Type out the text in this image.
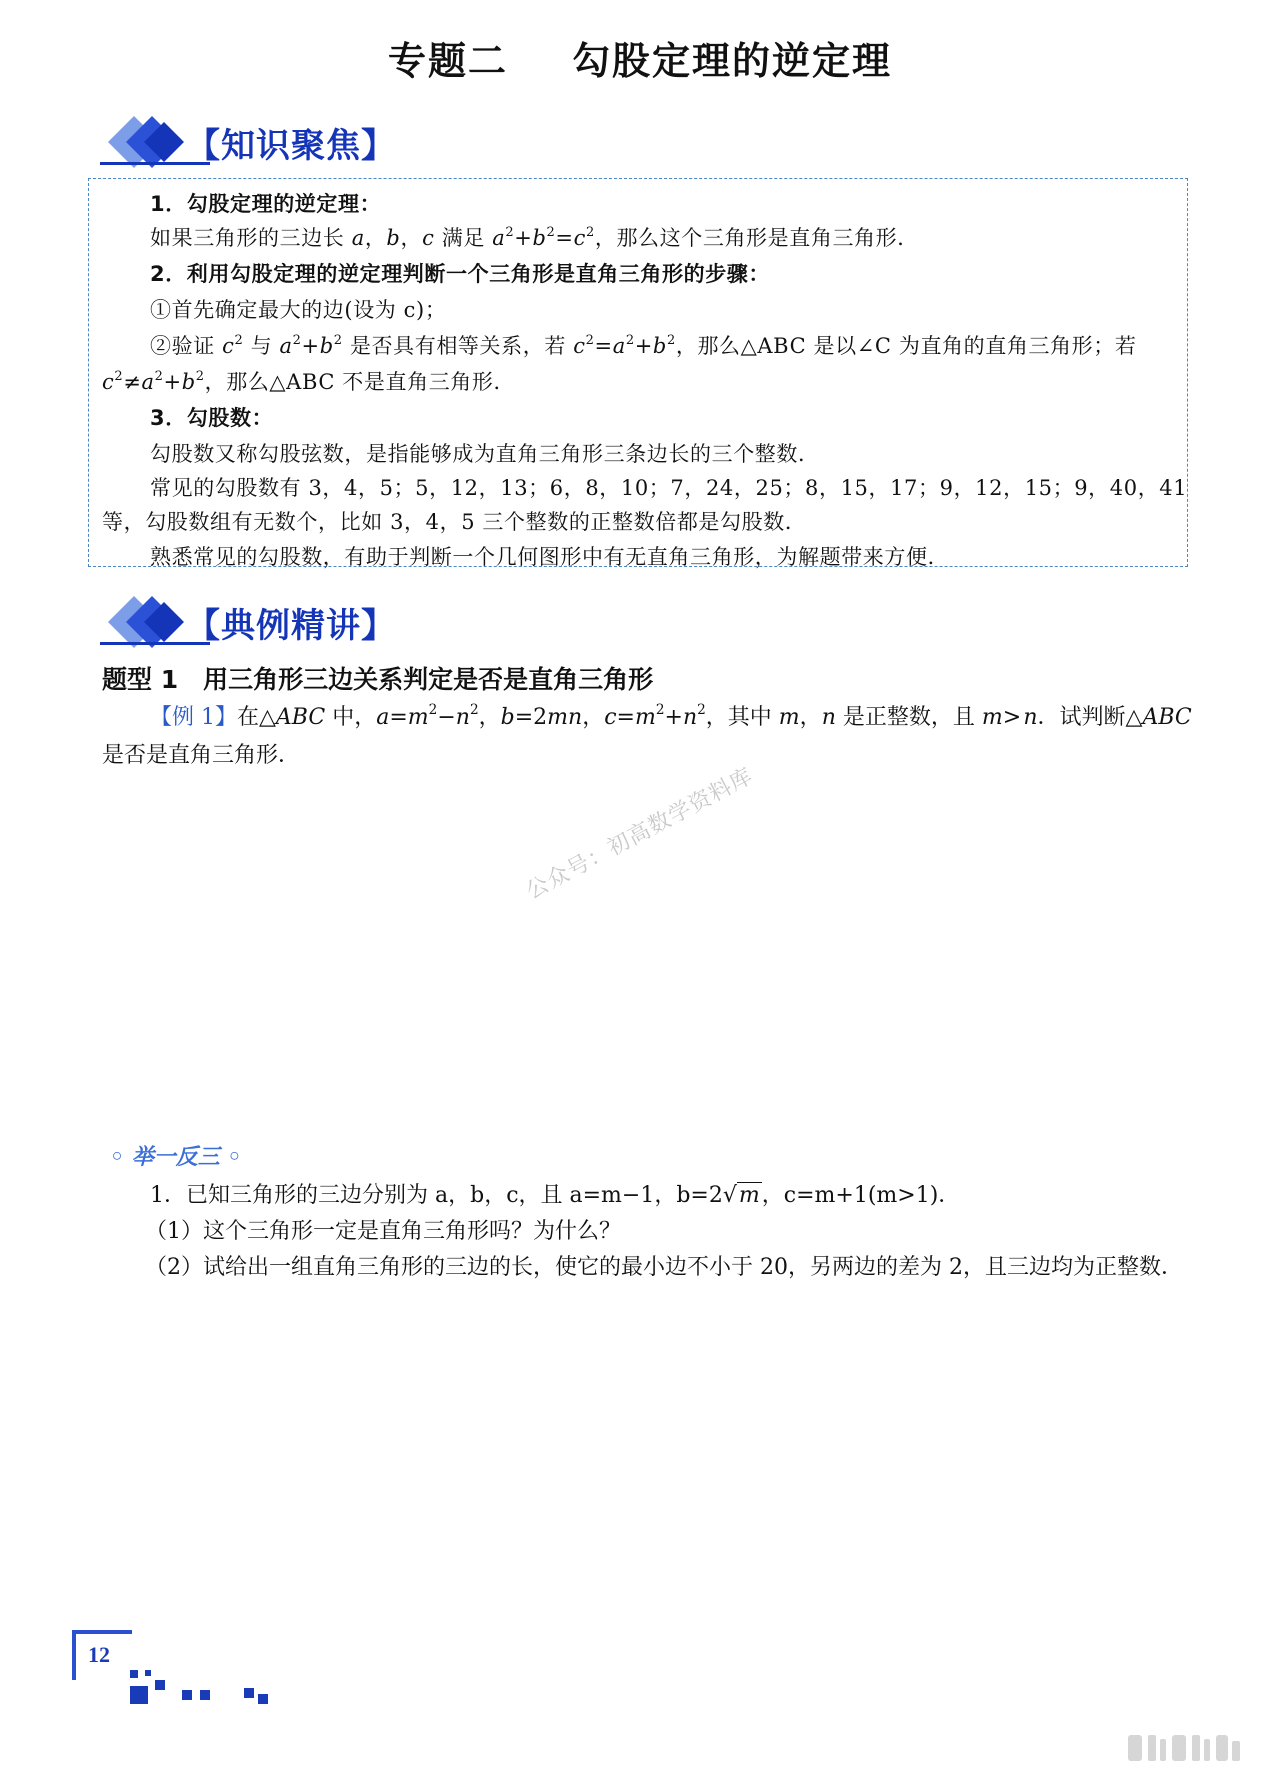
专题二 勾股定理的逆定理
【知识聚焦】
1．勾股定理的逆定理：
如果三角形的三边长 a，b，c 满足 $a^2+b^2=c^2$，那么这个三角形是直角三角形．
2．利用勾股定理的逆定理判断一个三角形是直角三角形的步骤：
①首先确定最大的边(设为 c)；
②验证 $c^2$ 与 $a^2+b^2$ 是否具有相等关系，若 $c^2=a^2+b^2$，那么△ABC 是以∠C 为直角的直角三角形；若
$c^2\ne a^2+b^2$，那么△ABC 不是直角三角形．
3．勾股数：
勾股数又称勾股弦数，是指能够成为直角三角形三条边长的三个整数．
常见的勾股数有 3，4，5；5，12，13；6，8，10；7，24，25；8，15，17；9，12，15；9，40，41
等，勾股数组有无数个，比如 3，4，5 三个整数的正整数倍都是勾股数．
熟悉常见的勾股数，有助于判断一个几何图形中有无直角三角形，为解题带来方便．
【典例精讲】
题型 1　用三角形三边关系判定是否是直角三角形
【例 1】在△ABC 中，$a=m^2-n^2$，b=2mn，$c=m^2+n^2$，其中 m，n 是正整数，且 m> n．试判断△ABC
是否是直角三角形．
公众号：初高数学资料库
◦ 举一反三 ◦
1．已知三角形的三边分别为 a，b，c，且 a=m−1，b=2√m，c=m+1(m>1)．
（1）这个三角形一定是直角三角形吗？为什么？
（2）试给出一组直角三角形的三边的长，使它的最小边不小于 20，另两边的差为 2，且三边均为正整数．
12
